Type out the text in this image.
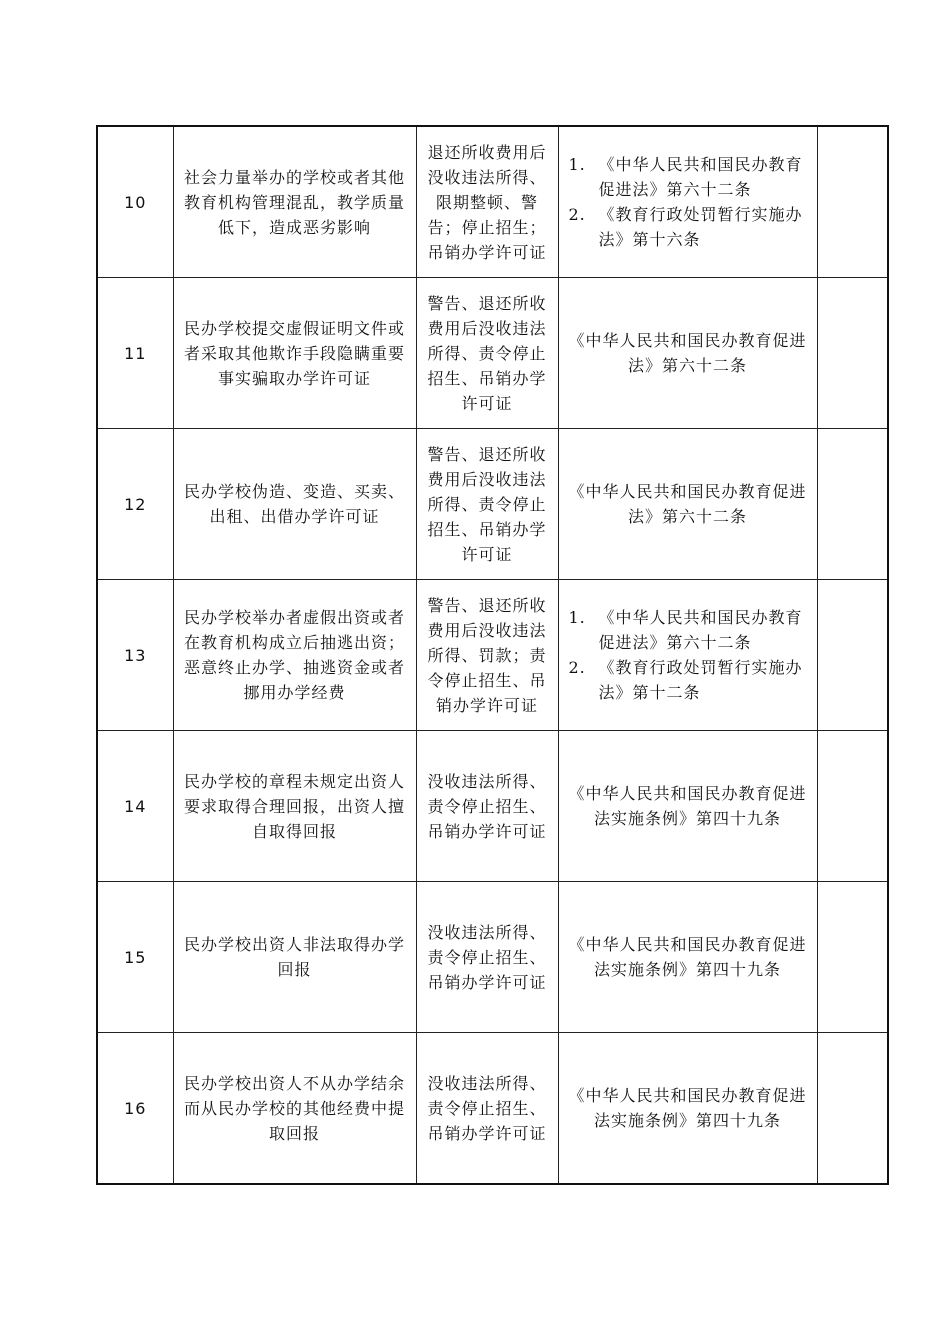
10	社会力量举办的学校或者其他教育机构管理混乱，教学质量低下，造成恶劣影响	退还所收费用后没收违法所得、限期整顿、警告；停止招生；吊销办学许可证	1. 《中华人民共和国民办教育促进法》第六十二条
2. 《教育行政处罚暂行实施办法》第十六条	

11	民办学校提交虚假证明文件或者采取其他欺诈手段隐瞒重要事实骗取办学许可证	警告、退还所收费用后没收违法所得、责令停止招生、吊销办学许可证	《中华人民共和国民办教育促进法》第六十二条	

12	民办学校伪造、变造、买卖、出租、出借办学许可证	警告、退还所收费用后没收违法所得、责令停止招生、吊销办学许可证	《中华人民共和国民办教育促进法》第六十二条	

13	民办学校举办者虚假出资或者在教育机构成立后抽逃出资；恶意终止办学、抽逃资金或者挪用办学经费	警告、退还所收费用后没收违法所得、罚款；责令停止招生、吊销办学许可证	1. 《中华人民共和国民办教育促进法》第六十二条
2. 《教育行政处罚暂行实施办法》第十二条	

14	民办学校的章程未规定出资人要求取得合理回报，出资人擅自取得回报	没收违法所得、责令停止招生、吊销办学许可证	《中华人民共和国民办教育促进法实施条例》第四十九条	

15	民办学校出资人非法取得办学回报	没收违法所得、责令停止招生、吊销办学许可证	《中华人民共和国民办教育促进法实施条例》第四十九条	

16	民办学校出资人不从办学结余而从民办学校的其他经费中提取回报	没收违法所得、责令停止招生、吊销办学许可证	《中华人民共和国民办教育促进法实施条例》第四十九条	
